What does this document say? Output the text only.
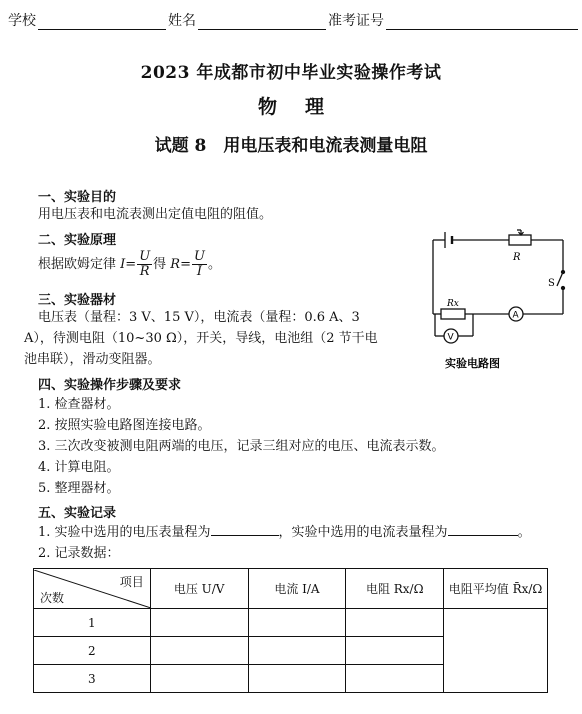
学校	姓名	准考证号
2023 年成都市初中毕业实验操作考试
物理
试题 8　用电压表和电流表测量电阻
一、实验目的
用电压表和电流表测出定值电阻的阻值。
二、实验原理
根据欧姆定律 $I= \frac{U}{R}$ 得 $R= \frac{U}{I}$ 。
三、实验器材
电压表（量程：3 V、15 V），电流表（量程：0.6 A、3
A），待测电阻（10~30 Ω），开关，导线，电池组（2 节干电
池串联），滑动变阻器。
四、实验操作步骤及要求
1. 检查器材。
2. 按照实验电路图连接电路。
3. 三次改变被测电阻两端的电压，记录三组对应的电压、电流表示数。
4. 计算电阻。
5. 整理器材。
五、实验记录
1. 实验中选用的电压表量程为	，实验中选用的电流表量程为	。
2. 记录数据：
R
S
Rx
A
V
实验电路图
项目
次数	电压 U/V	电流 I/A	电阻 Rx/Ω	电阻平均值 R̄x/Ω
1				
2				
3				
